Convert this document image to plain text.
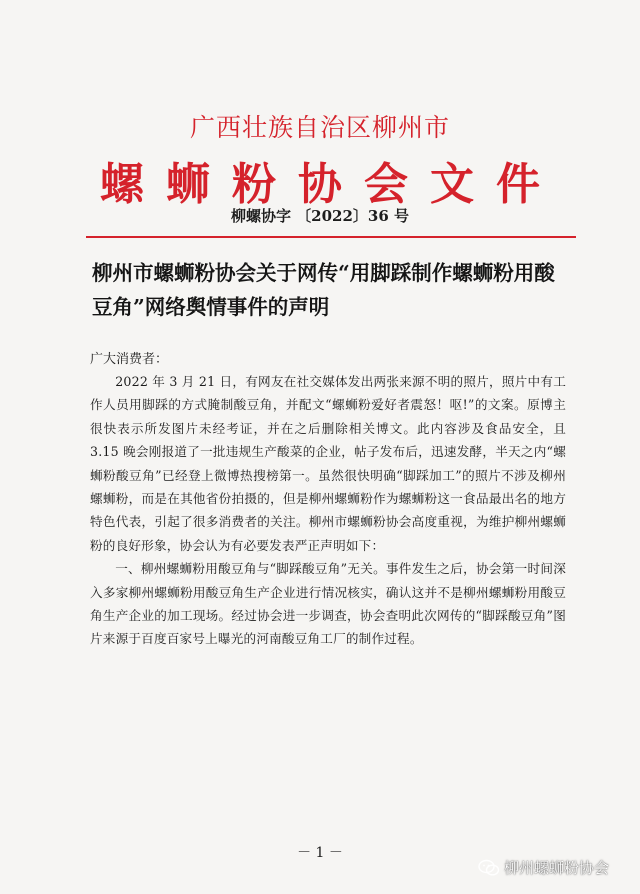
广西壮族自治区柳州市
螺蛳粉协会文件
柳螺协字 〔2022〕36 号
柳州市螺蛳粉协会关于网传“用脚踩制作螺蛳粉用酸豆角”网络舆情事件的声明
广大消费者：

2022 年 3 月 21 日，有网友在社交媒体发出两张来源不明的照片，照片中有工作人员用脚踩的方式腌制酸豆角，并配文“螺蛳粉爱好者震怒！呕!”的文案。原博主很快表示所发图片未经考证，并在之后删除相关博文。此内容涉及食品安全，且 3.15 晚会刚报道了一批违规生产酸菜的企业，帖子发布后，迅速发酵，半天之内“螺蛳粉酸豆角”已经登上微博热搜榜第一。虽然很快明确“脚踩加工”的照片不涉及柳州螺蛳粉，而是在其他省份拍摄的，但是柳州螺蛳粉作为螺蛳粉这一食品最出名的地方特色代表，引起了很多消费者的关注。柳州市螺蛳粉协会高度重视，为维护柳州螺蛳粉的良好形象，协会认为有必要发表严正声明如下：

一、柳州螺蛳粉用酸豆角与“脚踩酸豆角”无关。事件发生之后，协会第一时间深入多家柳州螺蛳粉用酸豆角生产企业进行情况核实，确认这并不是柳州螺蛳粉用酸豆角生产企业的加工现场。经过协会进一步调查，协会查明此次网传的“脚踩酸豆角”图片来源于百度百家号上曝光的河南酸豆角工厂的制作过程。

－ 1 －
柳州螺蛳粉协会
